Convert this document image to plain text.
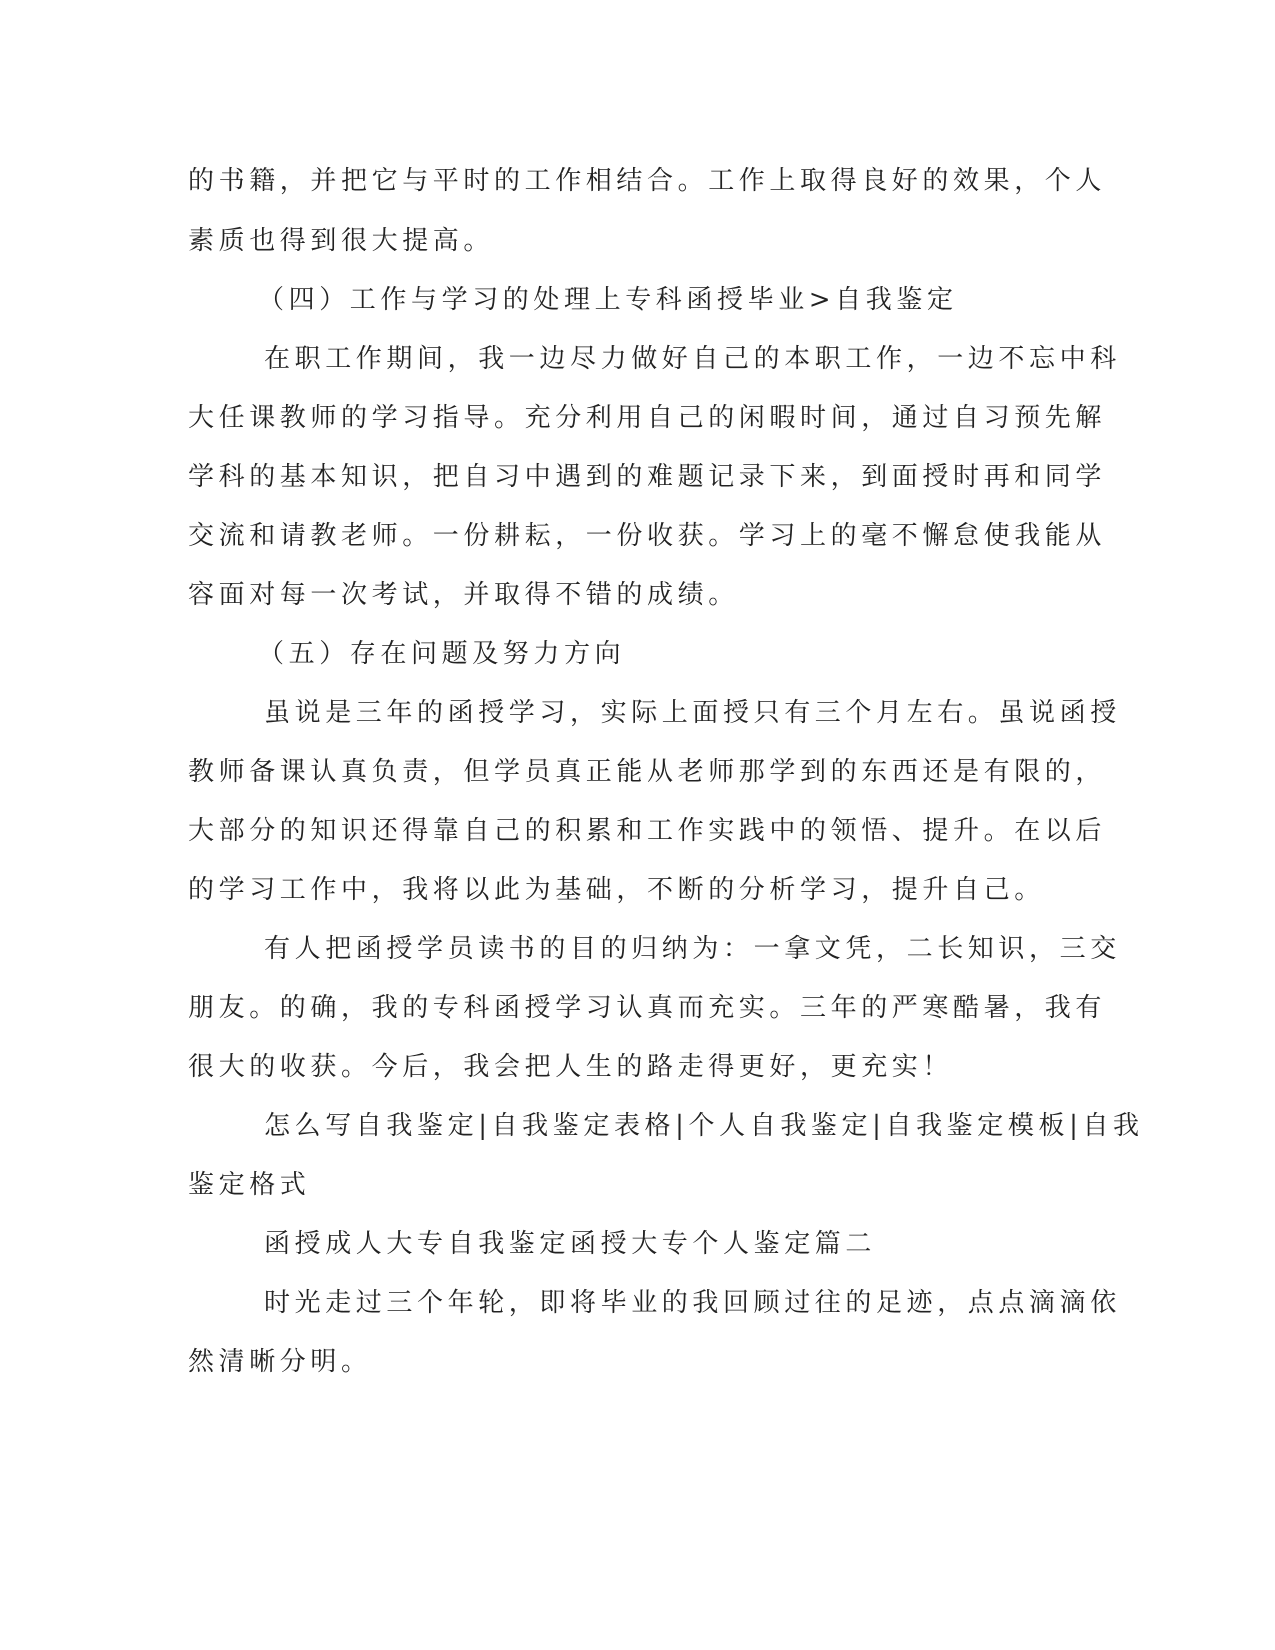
的书籍，并把它与平时的工作相结合。工作上取得良好的效果，个人
素质也得到很大提高。
（四）工作与学习的处理上专科函授毕业>自我鉴定
在职工作期间，我一边尽力做好自己的本职工作，一边不忘中科
大任课教师的学习指导。充分利用自己的闲暇时间，通过自习预先解
学科的基本知识，把自习中遇到的难题记录下来，到面授时再和同学
交流和请教老师。一份耕耘，一份收获。学习上的毫不懈怠使我能从
容面对每一次考试，并取得不错的成绩。
（五）存在问题及努力方向
虽说是三年的函授学习，实际上面授只有三个月左右。虽说函授
教师备课认真负责，但学员真正能从老师那学到的东西还是有限的，
大部分的知识还得靠自己的积累和工作实践中的领悟、提升。在以后
的学习工作中，我将以此为基础，不断的分析学习，提升自己。
有人把函授学员读书的目的归纳为：一拿文凭，二长知识，三交
朋友。的确，我的专科函授学习认真而充实。三年的严寒酷暑，我有
很大的收获。今后，我会把人生的路走得更好，更充实！
怎么写自我鉴定|自我鉴定表格|个人自我鉴定|自我鉴定模板|自我
鉴定格式
函授成人大专自我鉴定函授大专个人鉴定篇二
时光走过三个年轮，即将毕业的我回顾过往的足迹，点点滴滴依
然清晰分明。
